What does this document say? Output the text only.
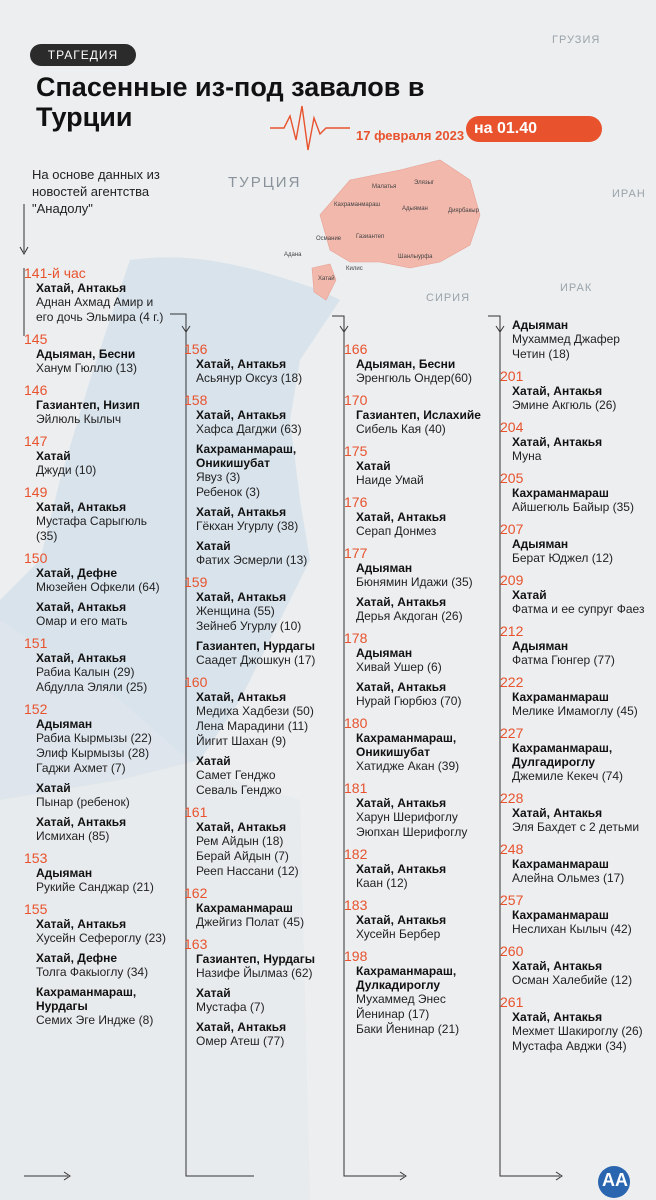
ГРУЗИЯ
ТУРЦИЯ
ИРАН
ИРАК
СИРИЯ
Малатья
Элязыг
Кахраманмараш
Адыяман	Диярбакыр
Османие Газиантеп
Адана
Хатай
Килис
Шанлыурфа
ТРАГЕДИЯ
Спасенные из-под завалов в
Турции
17 февраля 2023 на 01.40
На основе данных из новостей агентства "Анадолу"
141-й час
Хатай, Антакья
Аднан Ахмад Амир и
его дочь Эльмира (4 г.)
145
Адыяман, Бесни
Ханум Гюллю (13)
146
Газиантеп, Низип
Эйлюль Кылыч
147
Хатай
Джуди (10)
149
Хатай, Антакья
Мустафа Сарыгюль
(35)
150
Хатай, Дефне
Мюзейен Офкели (64)
Хатай, Антакья
Омар и его мать
151
Хатай, Антакья
Рабиа Калын (29)
Абдулла Эляли (25)
152
Адыяман
Рабиа Кырмызы (22)
Элиф Кырмызы (28)
Гаджи Ахмет (7)
Хатай
Пынар (ребенок)
Хатай, Антакья
Исмихан (85)
153
Адыяман
Рукийе Санджар (21)
155
Хатай, Антакья
Хусейн Сефероглу (23)
Хатай, Дефне
Толга Факыоглу (34)
Кахраманмараш, Нурдагы
Семих Эге Индже (8)
156
Хатай, Антакья
Асьянур Оксуз (18)
158
Хатай, Антакья
Хафса Дагджи (63)
Кахраманмараш, Оникишубат
Явуз (3)
Ребенок (3)
Хатай, Антакья
Гёкхан Угурлу (38)
Хатай
Фатих Эсмерли (13)
159
Хатай, Антакья
Женщина (55)
Зейнеб Угурлу (10)
Газиантеп, Нурдагы
Саадет Джошкун (17)
160
Хатай, Антакья
Медиха Хадбези (50)
Лена Марадини (11)
Йигит Шахан (9)
Хатай
Самет Генджо
Севаль Генджо
161
Хатай, Антакья
Рем Айдын (18)
Берай Айдын (7)
Рееп Нассани (12)
162
Кахраманмараш
Джейгиз Полат (45)
163
Газиантеп, Нурдагы
Назифе Йылмаз (62)
Хатай
Мустафа (7)
Хатай, Антакья
Омер Атеш (77)
166
Адыяман, Бесни
Эренгюль Ондер(60)
170
Газиантеп, Ислахийе
Сибель Кая (40)
175
Хатай
Наиде Умай
176
Хатай, Антакья
Серап Донмез
177
Адыяман
Бюнямин Идажи (35)
Хатай, Антакья
Дерья Акдоган (26)
178
Адыяман
Хивай Ушер (6)
Хатай, Антакья
Нурай Гюрбюз (70)
180
Кахраманмараш, Оникишубат
Хатидже Акан (39)
181
Хатай, Антакья
Харун Шерифоглу
Эюпхан Шерифоглу
182
Хатай, Антакья
Каан (12)
183
Хатай, Антакья
Хусейн Бербер
198
Кахраманмараш, Дулкадироглу
Мухаммед Энес
Йенинар (17)
Баки Йенинар (21)
Адыяман
Мухаммед Джафер
Четин (18)
201
Хатай, Антакья
Эмине Акгюль (26)
204
Хатай, Антакья
Муна
205
Кахраманмараш
Айшегюль Байыр (35)
207
Адыяман
Берат Юджел (12)
209
Хатай
Фатма и ее супруг Фаез
212
Адыяман
Фатма Гюнгер (77)
222
Кахраманмараш
Мелике Имамоглу (45)
227
Кахраманмараш, Дулгадироглу
Джемиле Кекеч (74)
228
Хатай, Антакья
Эля Бахдет с 2 детьми
248
Кахраманмараш
Алейна Ольмез (17)
257
Кахраманмараш
Неслихан Кылыч (42)
260
Хатай, Антакья
Осман Халебийе (12)
261
Хатай, Антакья
Мехмет Шакироглу (26)
Мустафа Авджи (34)
AA
